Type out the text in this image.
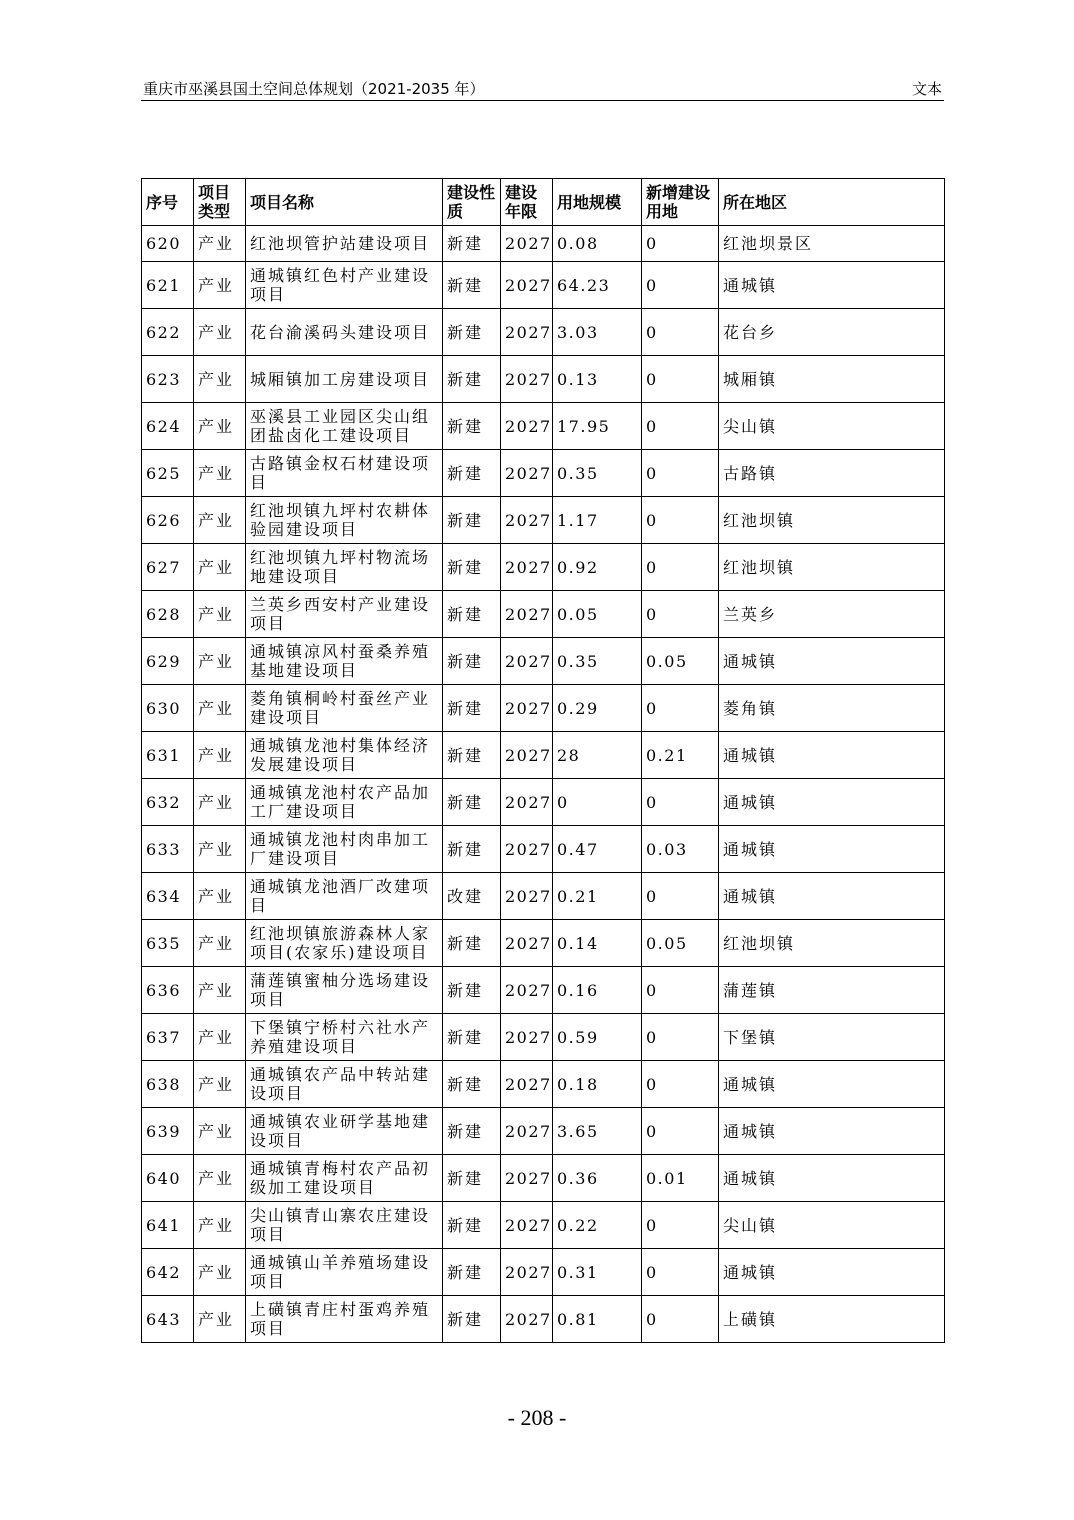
重庆市巫溪县国土空间总体规划（2021-2035 年）	文本
序号	项目类型	项目名称	建设性质	建设年限	用地规模	新增建设用地	所在地区
620	产业	红池坝管护站建设项目	新建	2027	0.08	0	红池坝景区
621	产业	通城镇红色村产业建设项目	新建	2027	64.23	0	通城镇
622	产业	花台渝溪码头建设项目	新建	2027	3.03	0	花台乡
623	产业	城厢镇加工房建设项目	新建	2027	0.13	0	城厢镇
624	产业	巫溪县工业园区尖山组团盐卤化工建设项目	新建	2027	17.95	0	尖山镇
625	产业	古路镇金权石材建设项目	新建	2027	0.35	0	古路镇
626	产业	红池坝镇九坪村农耕体验园建设项目	新建	2027	1.17	0	红池坝镇
627	产业	红池坝镇九坪村物流场地建设项目	新建	2027	0.92	0	红池坝镇
628	产业	兰英乡西安村产业建设项目	新建	2027	0.05	0	兰英乡
629	产业	通城镇凉风村蚕桑养殖基地建设项目	新建	2027	0.35	0.05	通城镇
630	产业	菱角镇桐岭村蚕丝产业建设项目	新建	2027	0.29	0	菱角镇
631	产业	通城镇龙池村集体经济发展建设项目	新建	2027	28	0.21	通城镇
632	产业	通城镇龙池村农产品加工厂建设项目	新建	2027	0	0	通城镇
633	产业	通城镇龙池村肉串加工厂建设项目	新建	2027	0.47	0.03	通城镇
634	产业	通城镇龙池酒厂改建项目	改建	2027	0.21	0	通城镇
635	产业	红池坝镇旅游森林人家项目(农家乐)建设项目	新建	2027	0.14	0.05	红池坝镇
636	产业	蒲莲镇蜜柚分选场建设项目	新建	2027	0.16	0	蒲莲镇
637	产业	下堡镇宁桥村六社水产养殖建设项目	新建	2027	0.59	0	下堡镇
638	产业	通城镇农产品中转站建设项目	新建	2027	0.18	0	通城镇
639	产业	通城镇农业研学基地建设项目	新建	2027	3.65	0	通城镇
640	产业	通城镇青梅村农产品初级加工建设项目	新建	2027	0.36	0.01	通城镇
641	产业	尖山镇青山寨农庄建设项目	新建	2027	0.22	0	尖山镇
642	产业	通城镇山羊养殖场建设项目	新建	2027	0.31	0	通城镇
643	产业	上磺镇青庄村蛋鸡养殖项目	新建	2027	0.81	0	上磺镇
- 208 -
